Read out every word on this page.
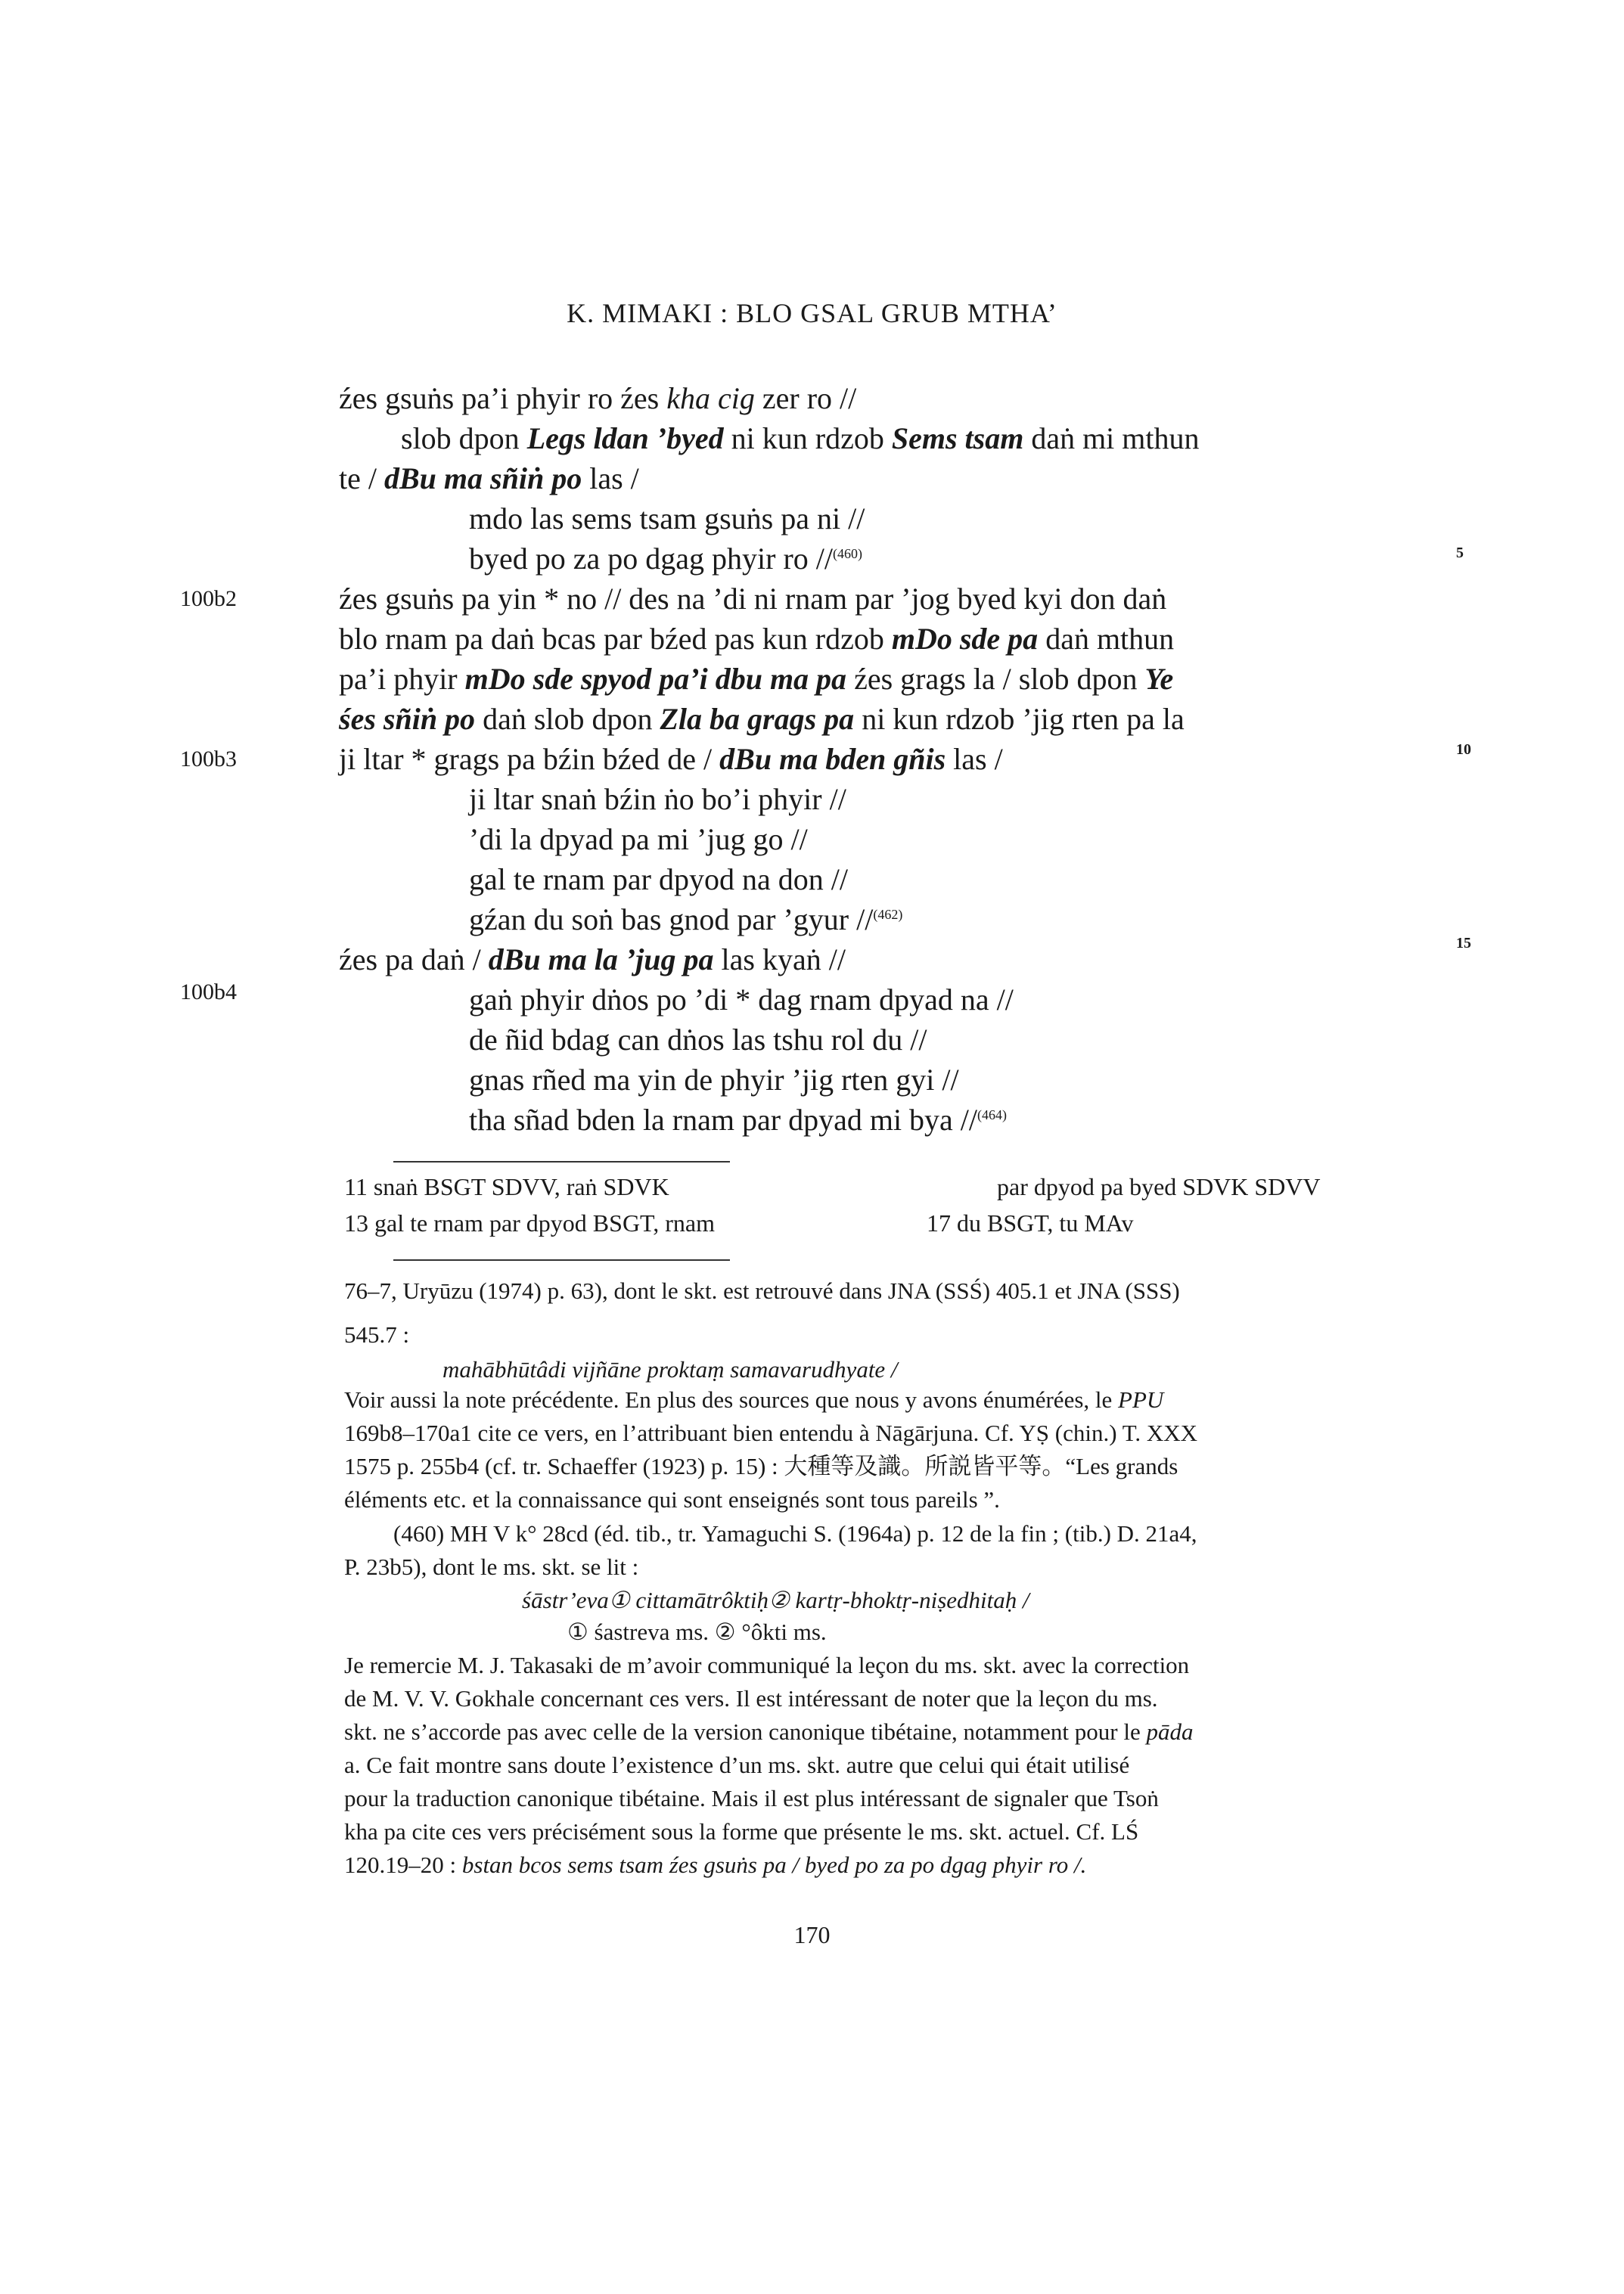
K. MIMAKI : BLO GSAL GRUB MTHA’
źes gsuṅs pa’i phyir ro źes kha cig zer ro //
slob dpon Legs ldan ’byed ni kun rdzob Sems tsam daṅ mi mthun
te / dBu ma sñiṅ po las /
mdo las sems tsam gsuṅs pa ni //
byed po za po dgag phyir ro //$^{(460)}$
źes gsuṅs pa yin * no // des na ’di ni rnam par ’jog byed kyi don daṅ
blo rnam pa daṅ bcas par bźed pas kun rdzob mDo sde pa daṅ mthun
pa’i phyir mDo sde spyod pa’i dbu ma pa źes grags la / slob dpon Ye
śes sñiṅ po daṅ slob dpon Zla ba grags pa ni kun rdzob ’jig rten pa la
ji ltar * grags pa bźin bźed de / dBu ma bden gñis las /
ji ltar snaṅ bźin ṅo bo’i phyir //
’di la dpyad pa mi ’jug go //
gal te rnam par dpyod na don //
gźan du soṅ bas gnod par ’gyur //$^{(462)}$
źes pa daṅ / dBu ma la ’jug pa las kyaṅ //
gaṅ phyir dṅos po ’di * dag rnam dpyad na //
de ñid bdag can dṅos las tshu rol du //
gnas rñed ma yin de phyir ’jig rten gyi //
tha sñad bden la rnam par dpyad mi bya //$^{(464)}$
100b2
100b3
100b4
5
10
15
11 snaṅ BSGT SDVV, raṅ SDVK	par dpyod pa byed SDVK SDVV
13 gal te rnam par dpyod BSGT, rnam	17 du BSGT, tu MAv
76–7, Uryūzu (1974) p. 63), dont le skt. est retrouvé dans JNA (SSŚ) 405.1 et JNA (SSS)
545.7 :
mahābhūtâdi vijñāne proktaṃ samavarudhyate /
Voir aussi la note précédente. En plus des sources que nous y avons énumérées, le PPU
169b8–170a1 cite ce vers, en l’attribuant bien entendu à Nāgārjuna. Cf. YṢ (chin.) T. XXX
1575 p. 255b4 (cf. tr. Schaeffer (1923) p. 15) : 大種等及識。所説皆平等。“Les grands
éléments etc. et la connaissance qui sont enseignés sont tous pareils ”.
(460) MH V k° 28cd (éd. tib., tr. Yamaguchi S. (1964a) p. 12 de la fin ; (tib.) D. 21a4,
P. 23b5), dont le ms. skt. se lit :
śāstr’eva① cittamātrôktiḥ② kartṛ-bhoktṛ-niṣedhitaḥ /
① śastreva ms. ② °ôkti ms.
Je remercie M. J. Takasaki de m’avoir communiqué la leçon du ms. skt. avec la correction
de M. V. V. Gokhale concernant ces vers. Il est intéressant de noter que la leçon du ms.
skt. ne s’accorde pas avec celle de la version canonique tibétaine, notamment pour le pāda
a. Ce fait montre sans doute l’existence d’un ms. skt. autre que celui qui était utilisé
pour la traduction canonique tibétaine. Mais il est plus intéressant de signaler que Tsoṅ
kha pa cite ces vers précisément sous la forme que présente le ms. skt. actuel. Cf. LŚ
120.19–20 : bstan bcos sems tsam źes gsuṅs pa / byed po za po dgag phyir ro /.
170
